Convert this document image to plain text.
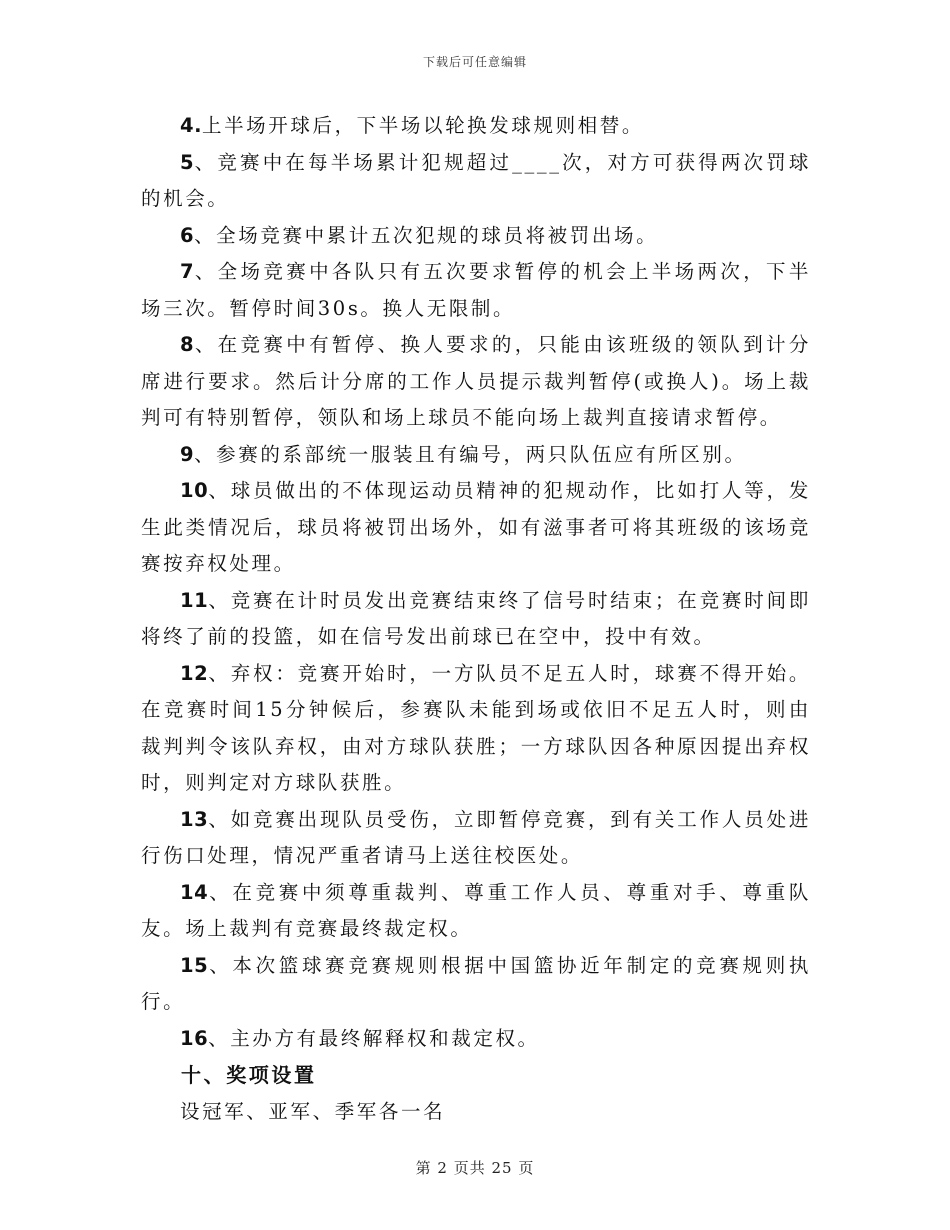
下载后可任意编辑

4.上半场开球后，下半场以轮换发球规则相替。

5、竞赛中在每半场累计犯规超过____次，对方可获得两次罚球的机会。

6、全场竞赛中累计五次犯规的球员将被罚出场。

7、全场竞赛中各队只有五次要求暂停的机会上半场两次，下半场三次。暂停时间30s。换人无限制。

8、在竞赛中有暂停、换人要求的，只能由该班级的领队到计分席进行要求。然后计分席的工作人员提示裁判暂停(或换人)。场上裁判可有特别暂停，领队和场上球员不能向场上裁判直接请求暂停。

9、参赛的系部统一服装且有编号，两只队伍应有所区别。

10、球员做出的不体现运动员精神的犯规动作，比如打人等，发生此类情况后，球员将被罚出场外，如有滋事者可将其班级的该场竞赛按弃权处理。

11、竞赛在计时员发出竞赛结束终了信号时结束；在竞赛时间即将终了前的投篮，如在信号发出前球已在空中，投中有效。

12、弃权：竞赛开始时，一方队员不足五人时，球赛不得开始。在竞赛时间15分钟候后，参赛队未能到场或依旧不足五人时，则由裁判判令该队弃权，由对方球队获胜；一方球队因各种原因提出弃权时，则判定对方球队获胜。

13、如竞赛出现队员受伤，立即暂停竞赛，到有关工作人员处进行伤口处理，情况严重者请马上送往校医处。

14、在竞赛中须尊重裁判、尊重工作人员、尊重对手、尊重队友。场上裁判有竞赛最终裁定权。

15、本次篮球赛竞赛规则根据中国篮协近年制定的竞赛规则执行。

16、主办方有最终解释权和裁定权。

十、奖项设置

设冠军、亚军、季军各一名

第 2 页共 25 页
